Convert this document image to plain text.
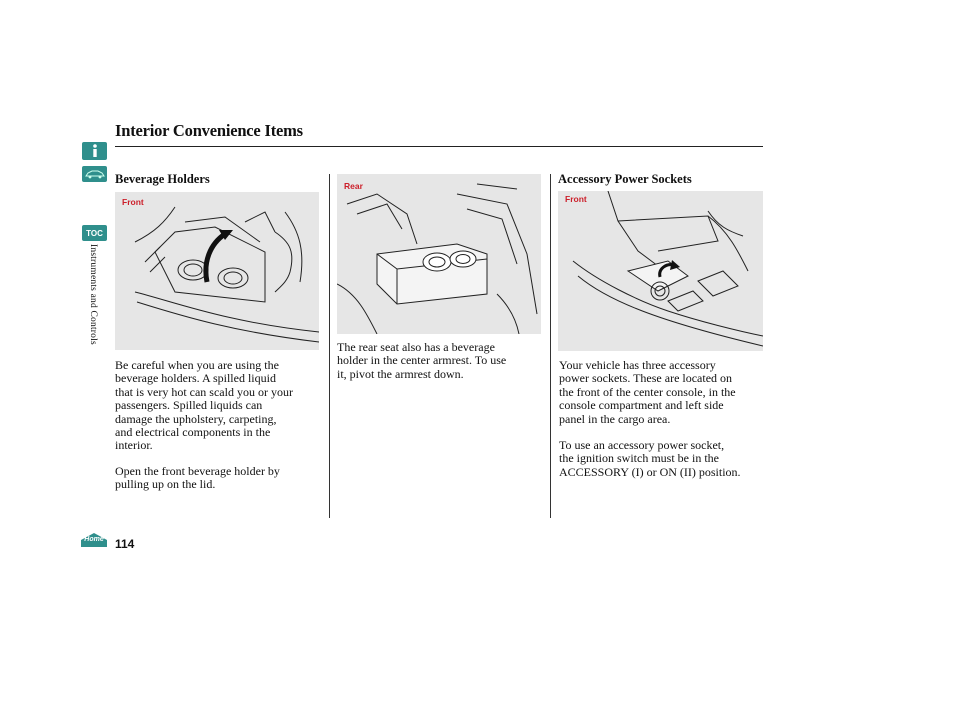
TOC
Instruments and Controls
Home
Interior Convenience Items
Beverage Holders
Front
Be careful when you are using the
beverage holders. A spilled liquid
that is very hot can scald you or your
passengers. Spilled liquids can
damage the upholstery, carpeting,
and electrical components in the
interior.
Open the front beverage holder by
pulling up on the lid.
Rear
The rear seat also has a beverage
holder in the center armrest. To use
it, pivot the armrest down.
Accessory Power Sockets
Front
Your vehicle has three accessory
power sockets. These are located on
the front of the center console, in the
console compartment and left side
panel in the cargo area.
To use an accessory power socket,
the ignition switch must be in the
ACCESSORY (I) or ON (II) position.
114
